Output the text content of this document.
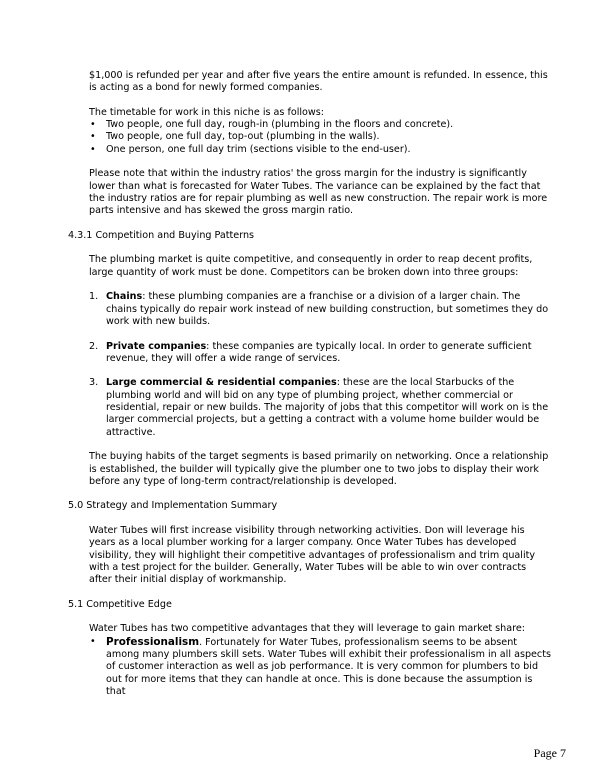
$1,000 is refunded per year and after five years the entire amount is refunded. In essence, this is acting as a bond for newly formed companies.

The timetable for work in this niche is as follows:

• Two people, one full day, rough-in (plumbing in the floors and concrete).
• Two people, one full day, top-out (plumbing in the walls).
• One person, one full day trim (sections visible to the end-user).

Please note that within the industry ratios' the gross margin for the industry is significantly lower than what is forecasted for Water Tubes. The variance can be explained by the fact that the industry ratios are for repair plumbing as well as new construction. The repair work is more parts intensive and has skewed the gross margin ratio.

4.3.1 Competition and Buying Patterns

The plumbing market is quite competitive, and consequently in order to reap decent profits, large quantity of work must be done. Competitors can be broken down into three groups:

1. Chains: these plumbing companies are a franchise or a division of a larger chain. The chains typically do repair work instead of new building construction, but sometimes they do work with new builds.
2. Private companies: these companies are typically local. In order to generate sufficient revenue, they will offer a wide range of services.
3. Large commercial & residential companies: these are the local Starbucks of the plumbing world and will bid on any type of plumbing project, whether commercial or residential, repair or new builds. The majority of jobs that this competitor will work on is the larger commercial projects, but a getting a contract with a volume home builder would be attractive.

The buying habits of the target segments is based primarily on networking. Once a relationship is established, the builder will typically give the plumber one to two jobs to display their work before any type of long-term contract/relationship is developed.

5.0 Strategy and Implementation Summary

Water Tubes will first increase visibility through networking activities. Don will leverage his years as a local plumber working for a larger company. Once Water Tubes has developed visibility, they will highlight their competitive advantages of professionalism and trim quality with a test project for the builder. Generally, Water Tubes will be able to win over contracts after their initial display of workmanship.

5.1 Competitive Edge

Water Tubes has two competitive advantages that they will leverage to gain market share:

• Professionalism. Fortunately for Water Tubes, professionalism seems to be absent among many plumbers skill sets. Water Tubes will exhibit their professionalism in all aspects of customer interaction as well as job performance. It is very common for plumbers to bid out for more items that they can handle at once. This is done because the assumption is that
Page 7
